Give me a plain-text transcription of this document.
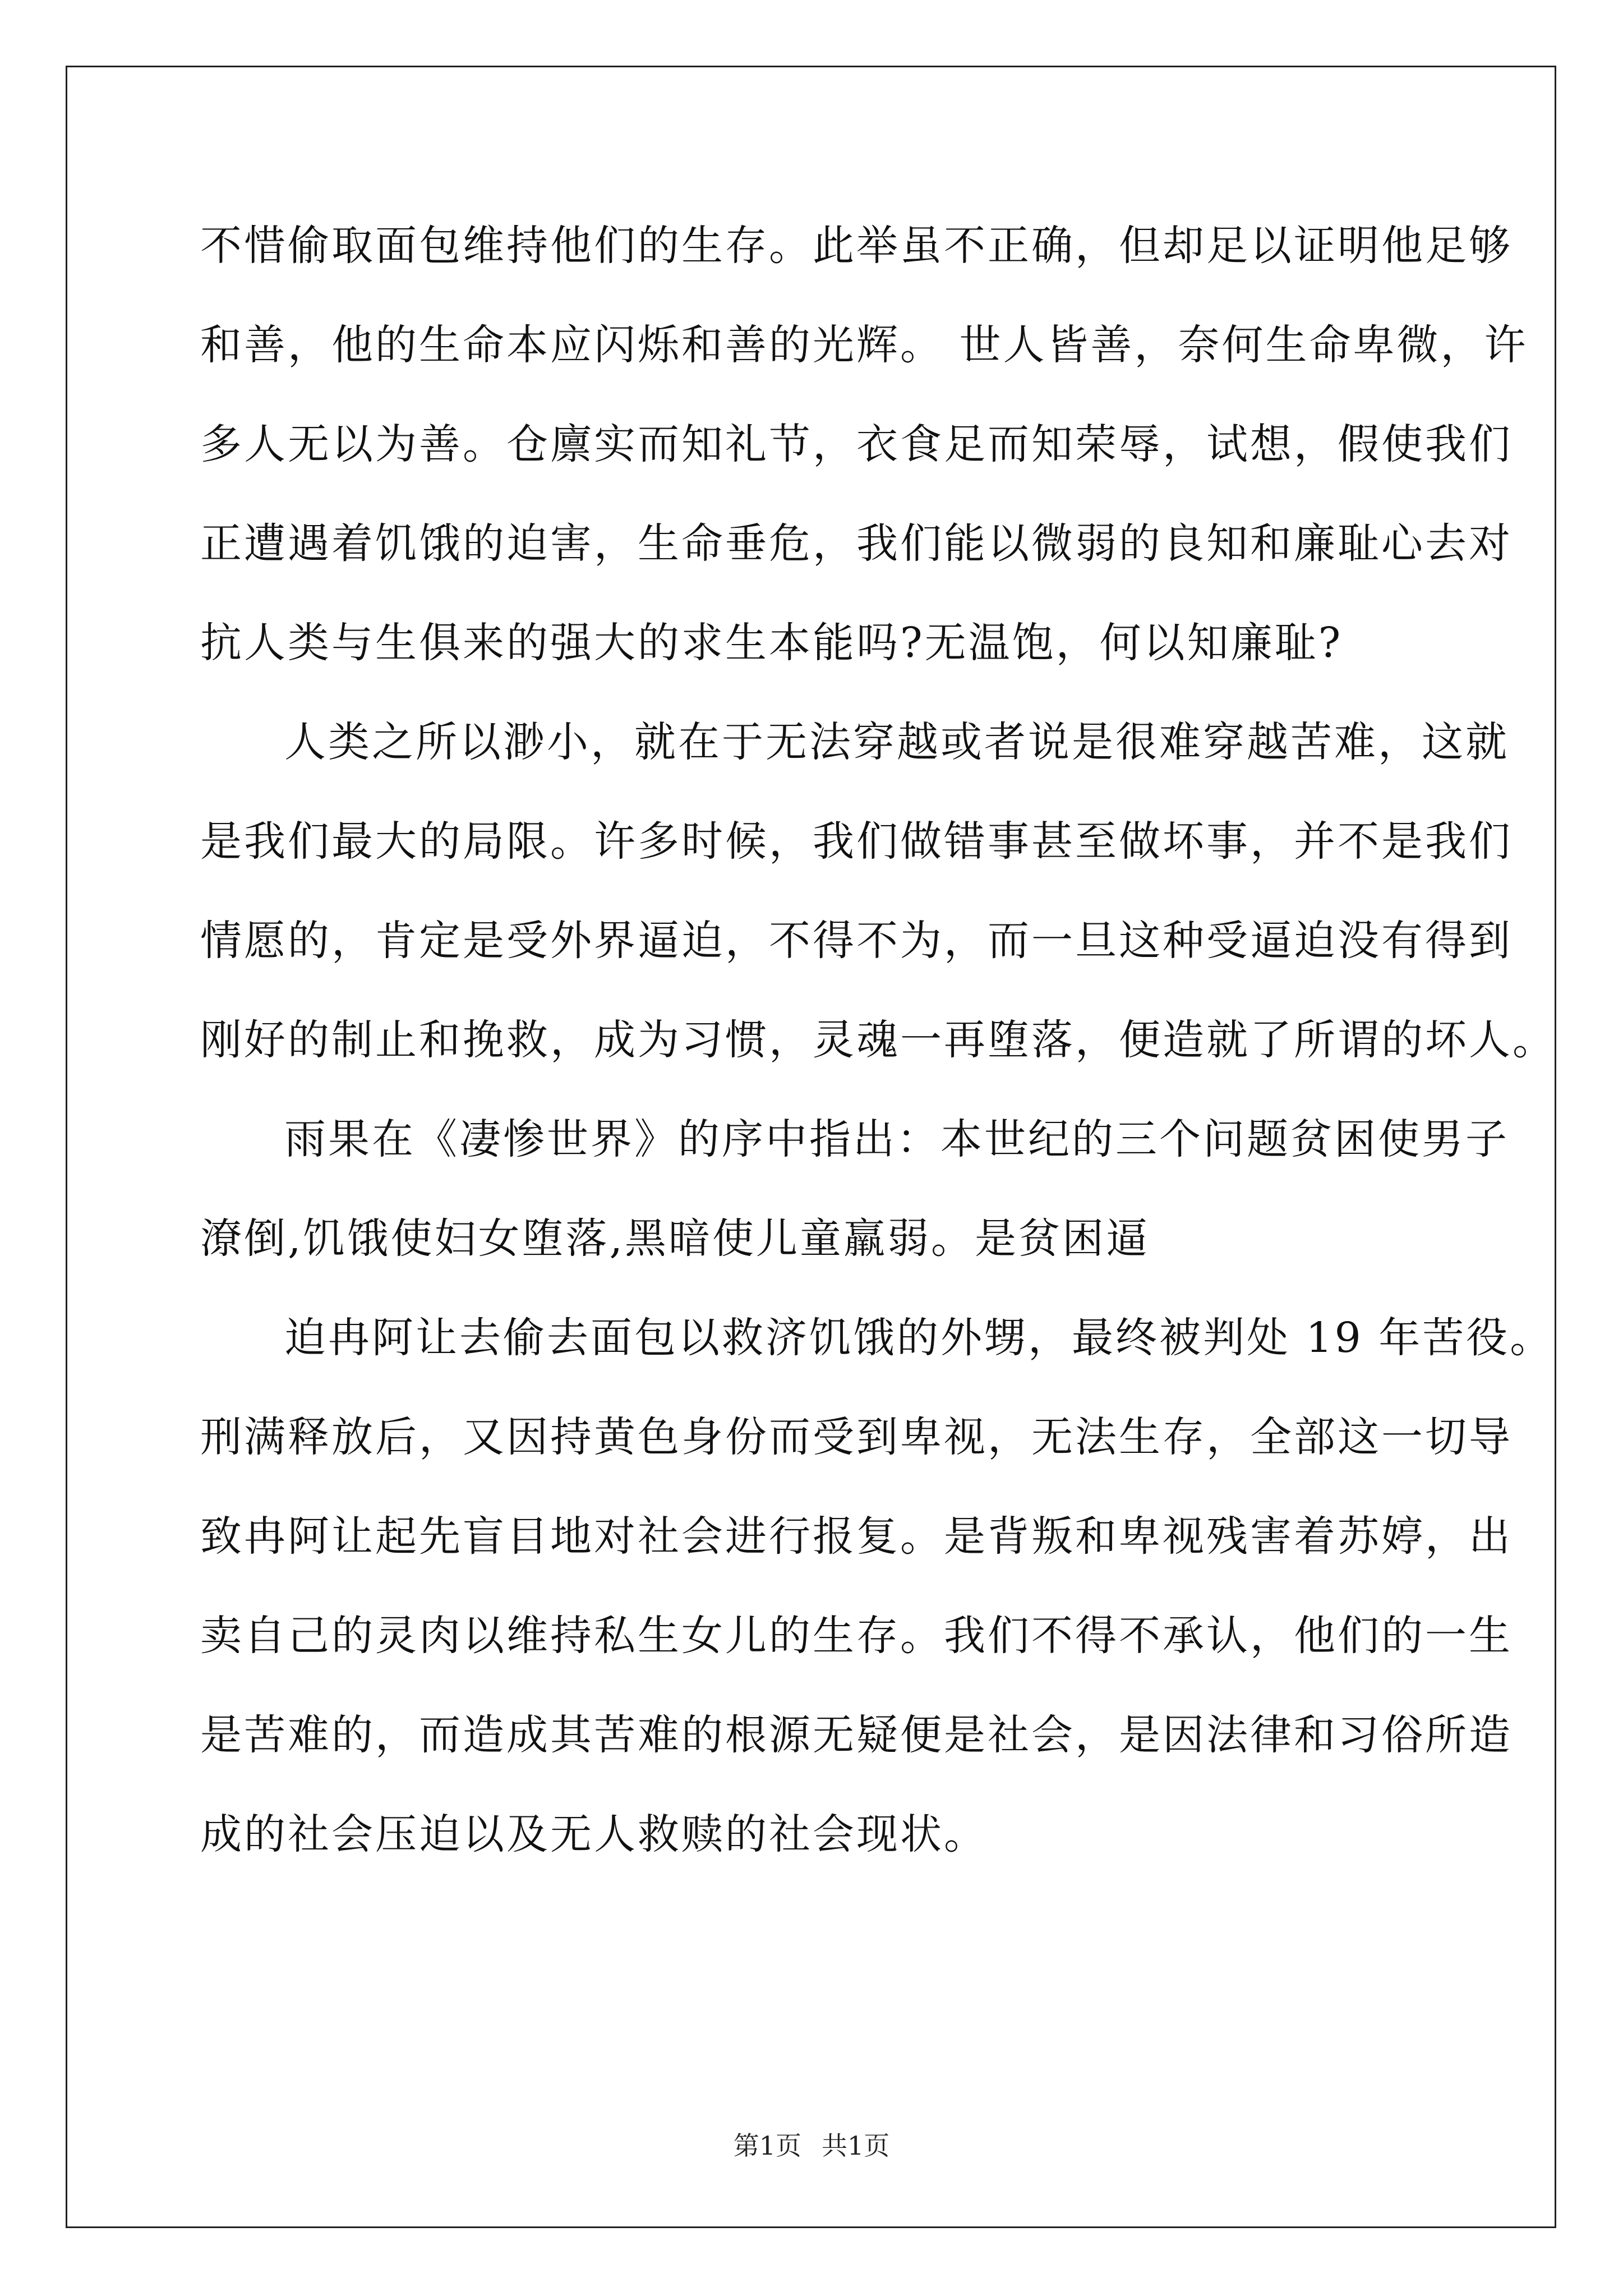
不惜偷取面包维持他们的生存。此举虽不正确，但却足以证明他足够
和善，他的生命本应闪烁和善的光辉。 世人皆善，奈何生命卑微，许
多人无以为善。仓廪实而知礼节，衣食足而知荣辱，试想，假使我们
正遭遇着饥饿的迫害，生命垂危，我们能以微弱的良知和廉耻心去对
抗人类与生俱来的强大的求生本能吗?无温饱，何以知廉耻?
人类之所以渺小，就在于无法穿越或者说是很难穿越苦难，这就
是我们最大的局限。许多时候，我们做错事甚至做坏事，并不是我们
情愿的，肯定是受外界逼迫，不得不为，而一旦这种受逼迫没有得到
刚好的制止和挽救，成为习惯，灵魂一再堕落，便造就了所谓的坏人。
雨果在《凄惨世界》的序中指出：本世纪的三个问题贫困使男子
潦倒,饥饿使妇女堕落,黑暗使儿童羸弱。是贫困逼
迫冉阿让去偷去面包以救济饥饿的外甥，最终被判处 19 年苦役。
刑满释放后，又因持黄色身份而受到卑视，无法生存，全部这一切导
致冉阿让起先盲目地对社会进行报复。是背叛和卑视残害着苏婷，出
卖自己的灵肉以维持私生女儿的生存。我们不得不承认，他们的一生
是苦难的，而造成其苦难的根源无疑便是社会，是因法律和习俗所造
成的社会压迫以及无人救赎的社会现状。
第1页 共1页
